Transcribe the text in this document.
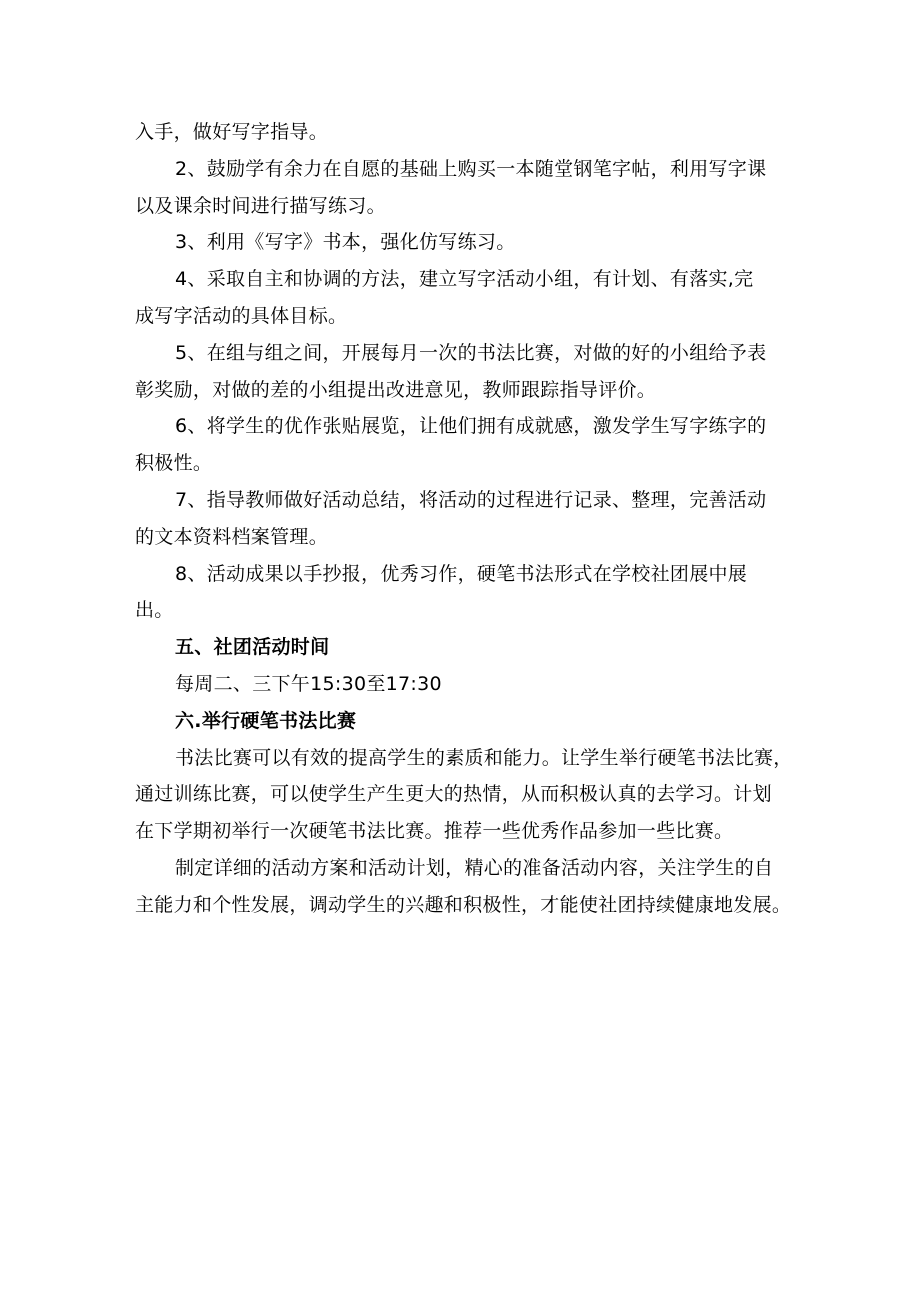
入手，做好写字指导。
2、鼓励学有余力在自愿的基础上购买一本随堂钢笔字帖，利用写字课
以及课余时间进行描写练习。
3、利用《写字》书本，强化仿写练习。
4、采取自主和协调的方法，建立写字活动小组，有计划、有落实,完
成写字活动的具体目标。
5、在组与组之间，开展每月一次的书法比赛，对做的好的小组给予表
彰奖励，对做的差的小组提出改进意见，教师跟踪指导评价。
6、将学生的优作张贴展览，让他们拥有成就感，激发学生写字练字的
积极性。
7、指导教师做好活动总结，将活动的过程进行记录、整理，完善活动
的文本资料档案管理。
8、活动成果以手抄报，优秀习作，硬笔书法形式在学校社团展中展
出。
五、社团活动时间
每周二、三下午15:30至17:30
六.举行硬笔书法比赛
书法比赛可以有效的提高学生的素质和能力。让学生举行硬笔书法比赛，
通过训练比赛，可以使学生产生更大的热情，从而积极认真的去学习。计划
在下学期初举行一次硬笔书法比赛。推荐一些优秀作品参加一些比赛。
制定详细的活动方案和活动计划，精心的准备活动内容，关注学生的自
主能力和个性发展，调动学生的兴趣和积极性，才能使社团持续健康地发展。
